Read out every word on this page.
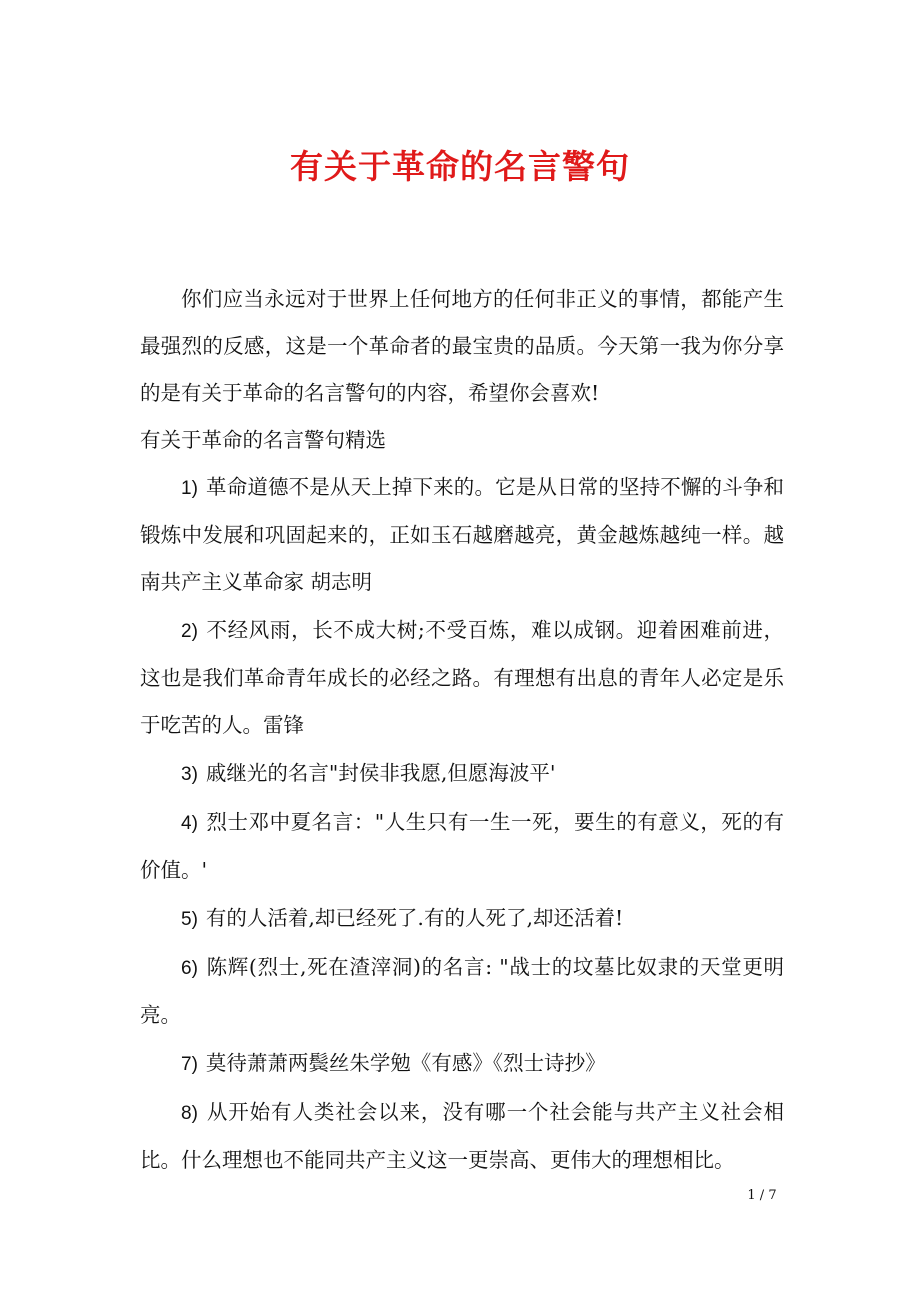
有关于革命的名言警句

你们应当永远对于世界上任何地方的任何非正义的事情，都能产生最强烈的反感，这是一个革命者的最宝贵的品质。今天第一我为你分享的是有关于革命的名言警句的内容，希望你会喜欢!

有关于革命的名言警句精选

1) 革命道德不是从天上掉下来的。它是从日常的坚持不懈的斗争和锻炼中发展和巩固起来的，正如玉石越磨越亮，黄金越炼越纯一样。越南共产主义革命家 胡志明

2) 不经风雨，长不成大树;不受百炼，难以成钢。迎着困难前进，这也是我们革命青年成长的必经之路。有理想有出息的青年人必定是乐于吃苦的人。雷锋

3) 戚继光的名言"封侯非我愿,但愿海波平'

4) 烈士邓中夏名言："人生只有一生一死，要生的有意义，死的有价值。'

5) 有的人活着,却已经死了.有的人死了,却还活着!

6) 陈辉(烈士,死在渣滓洞)的名言: "战士的坟墓比奴隶的天堂更明亮。

7) 莫待萧萧两鬓丝朱学勉《有感》《烈士诗抄》

8) 从开始有人类社会以来，没有哪一个社会能与共产主义社会相比。什么理想也不能同共产主义这一更崇高、更伟大的理想相比。

1 / 7
